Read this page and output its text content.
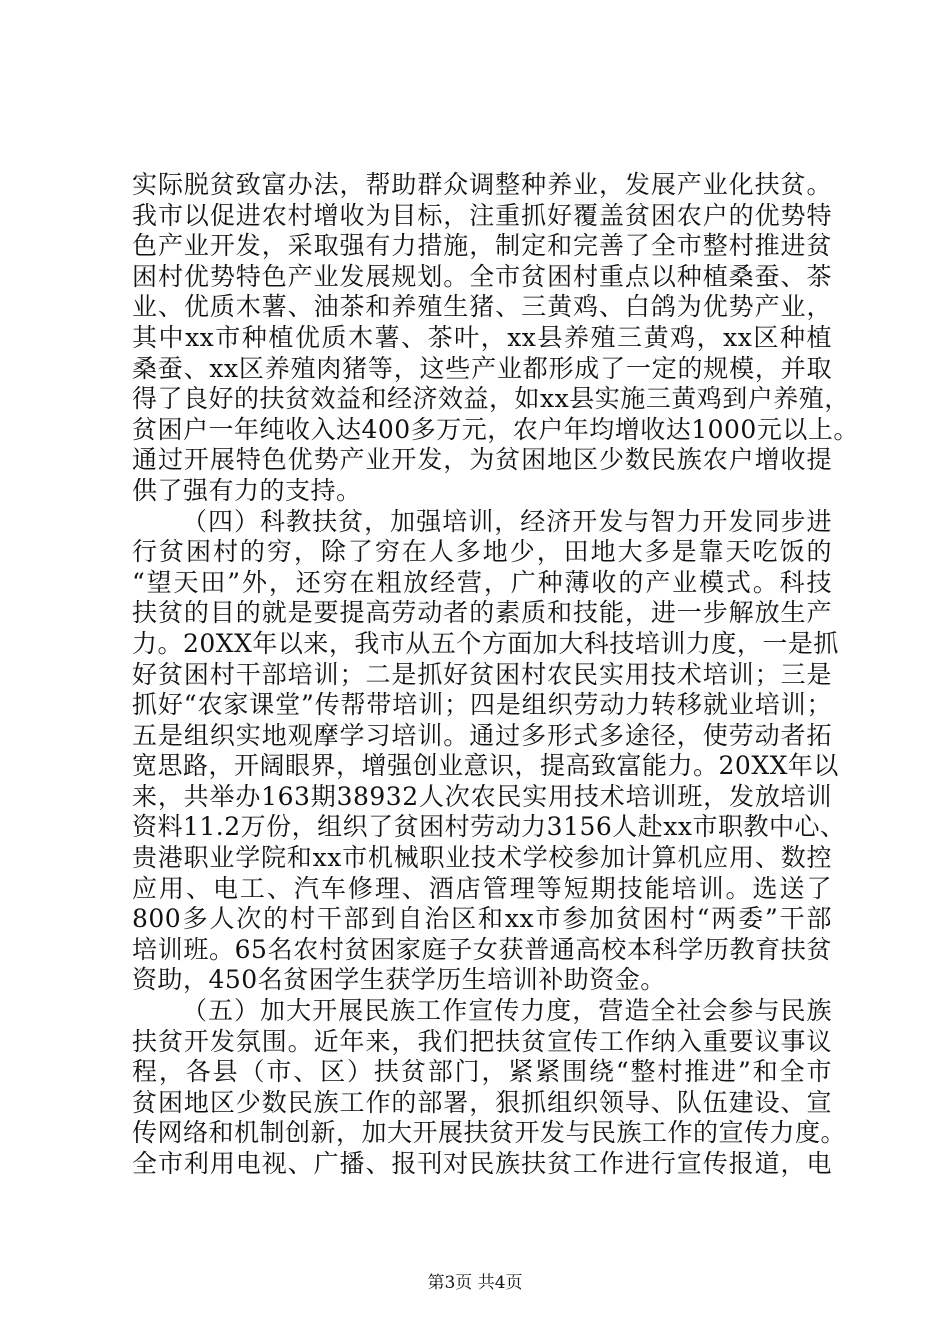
实际脱贫致富办法，帮助群众调整种养业，发展产业化扶贫。
我市以促进农村增收为目标，注重抓好覆盖贫困农户的优势特
色产业开发，采取强有力措施，制定和完善了全市整村推进贫
困村优势特色产业发展规划。全市贫困村重点以种植桑蚕、茶
业、优质木薯、油茶和养殖生猪、三黄鸡、白鸽为优势产业，
其中xx市种植优质木薯、茶叶，xx县养殖三黄鸡，xx区种植
桑蚕、xx区养殖肉猪等，这些产业都形成了一定的规模，并取
得了良好的扶贫效益和经济效益，如xx县实施三黄鸡到户养殖，
贫困户一年纯收入达400多万元，农户年均增收达1000元以上。
通过开展特色优势产业开发，为贫困地区少数民族农户增收提
供了强有力的支持。
（四）科教扶贫，加强培训，经济开发与智力开发同步进
行贫困村的穷，除了穷在人多地少，田地大多是靠天吃饭的
“望天田”外，还穷在粗放经营，广种薄收的产业模式。科技
扶贫的目的就是要提高劳动者的素质和技能，进一步解放生产
力。20XX年以来，我市从五个方面加大科技培训力度，一是抓
好贫困村干部培训；二是抓好贫困村农民实用技术培训；三是
抓好“农家课堂”传帮带培训；四是组织劳动力转移就业培训；
五是组织实地观摩学习培训。通过多形式多途径，使劳动者拓
宽思路，开阔眼界，增强创业意识，提高致富能力。20XX年以
来，共举办163期38932人次农民实用技术培训班，发放培训
资料11.2万份，组织了贫困村劳动力3156人赴xx市职教中心、
贵港职业学院和xx市机械职业技术学校参加计算机应用、数控
应用、电工、汽车修理、酒店管理等短期技能培训。选送了
800多人次的村干部到自治区和xx市参加贫困村“两委”干部
培训班。65名农村贫困家庭子女获普通高校本科学历教育扶贫
资助，450名贫困学生获学历生培训补助资金。
（五）加大开展民族工作宣传力度，营造全社会参与民族
扶贫开发氛围。近年来，我们把扶贫宣传工作纳入重要议事议
程，各县（市、区）扶贫部门，紧紧围绕“整村推进”和全市
贫困地区少数民族工作的部署，狠抓组织领导、队伍建设、宣
传网络和机制创新，加大开展扶贫开发与民族工作的宣传力度。
全市利用电视、广播、报刊对民族扶贫工作进行宣传报道，电
第3页 共4页
